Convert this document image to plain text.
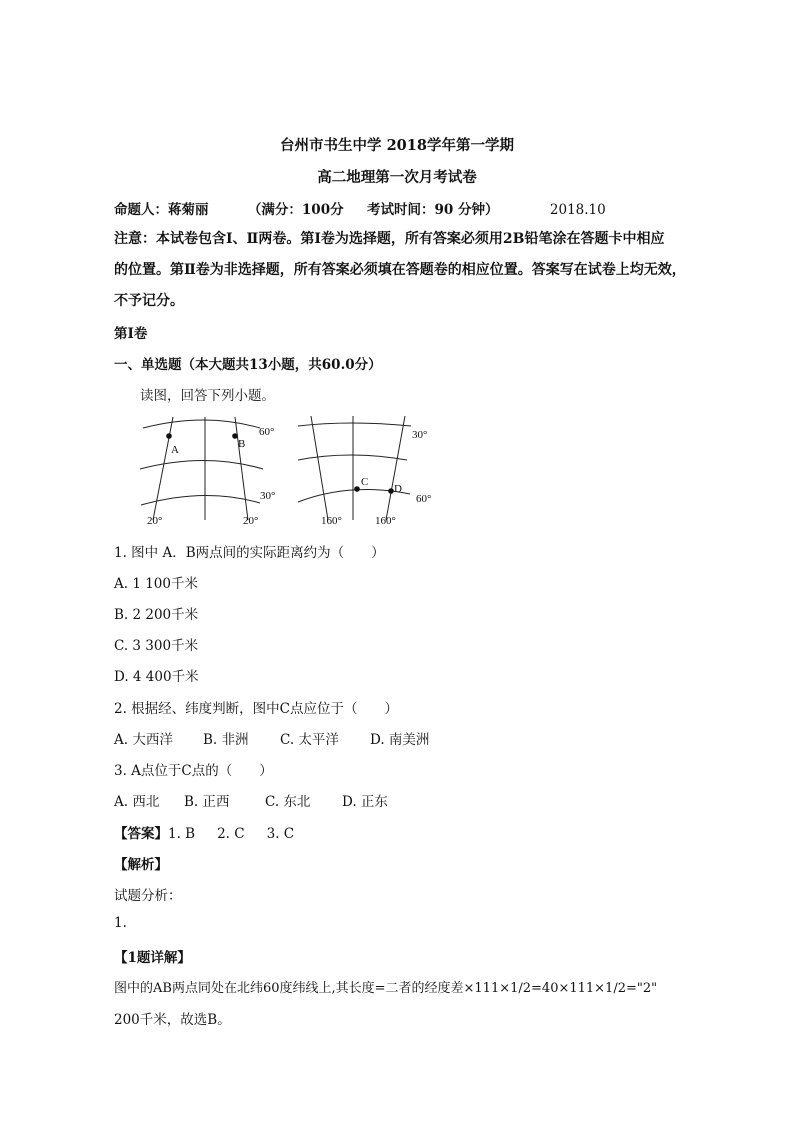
台州市书生中学 2018学年第一学期
高二地理第一次月考试卷
命题人：蒋菊丽	（满分：100分 考试时间：90 分钟）	2018.10
注意：本试卷包含Ⅰ、Ⅱ两卷。第Ⅰ卷为选择题，所有答案必须用2B铅笔涂在答题卡中相应
的位置。第Ⅱ卷为非选择题，所有答案必须填在答题卷的相应位置。答案写在试卷上均无效，
不予记分。
第Ⅰ卷
一、单选题（本大题共13小题，共60.0分）
读图，回答下列小题。
A	B
60°
30°
20°	20°
C
D
30°
60°
160°	160°
1. 图中 A．B两点间的实际距离约为（　　）
A. 1 100千米
B. 2 200千米
C. 3 300千米
D. 4 400千米
2. 根据经、纬度判断，图中C点应位于（　　）
A. 大西洋 B. 非洲 C. 太平洋 D. 南美洲
3. A点位于C点的（　　）
A. 西北 B. 正西	C. 东北 D. 正东
【答案】1. B 2. C 3. C
【解析】
试题分析：
1.
【1题详解】
图中的AB两点同处在北纬60度纬线上,其长度=二者的经度差×111×1/2=40×111×1/2="2"
200千米，故选B。
